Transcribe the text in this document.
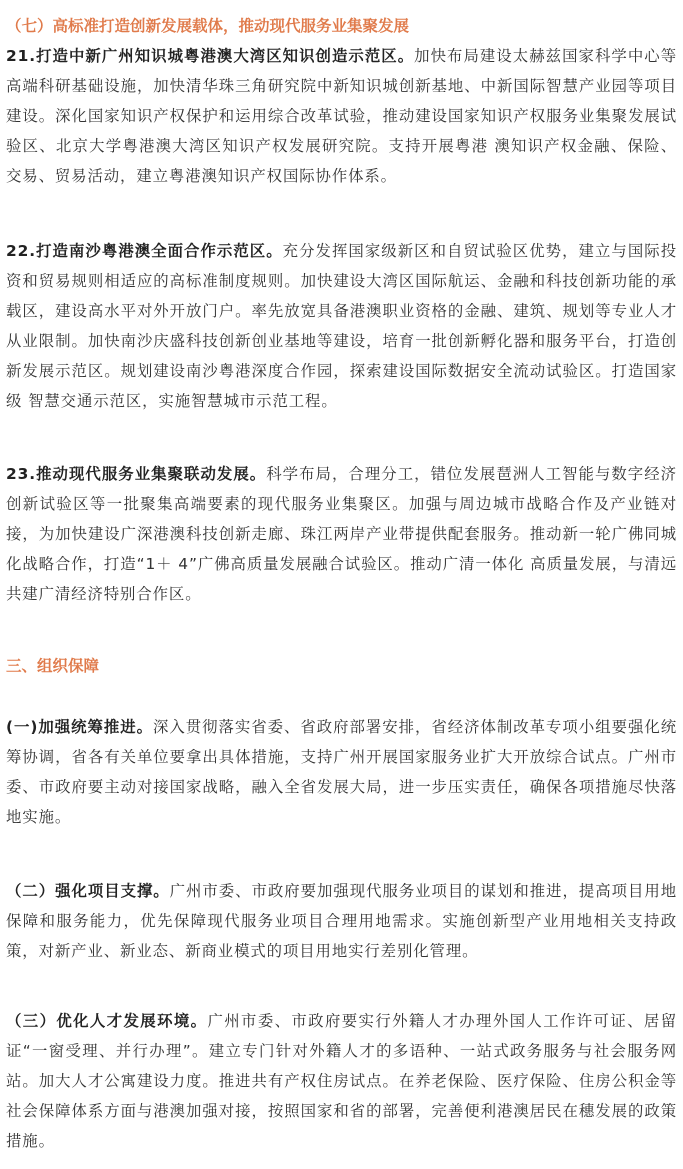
（七）高标准打造创新发展载体，推动现代服务业集聚发展

21.打造中新广州知识城粤港澳大湾区知识创造示范区。加快布局建设太赫兹国家科学中心等高端科研基础设施，加快清华珠三角研究院中新知识城创新基地、中新国际智慧产业园等项目建设。深化国家知识产权保护和运用综合改革试验，推动建设国家知识产权服务业集聚发展试验区、北京大学粤港澳大湾区知识产权发展研究院。支持开展粤港 澳知识产权金融、保险、交易、贸易活动，建立粤港澳知识产权国际协作体系。

22.打造南沙粤港澳全面合作示范区。充分发挥国家级新区和自贸试验区优势，建立与国际投资和贸易规则相适应的高标准制度规则。加快建设大湾区国际航运、金融和科技创新功能的承载区，建设高水平对外开放门户。率先放宽具备港澳职业资格的金融、建筑、规划等专业人才从业限制。加快南沙庆盛科技创新创业基地等建设，培育一批创新孵化器和服务平台，打造创新发展示范区。规划建设南沙粤港深度合作园，探索建设国际数据安全流动试验区。打造国家级 智慧交通示范区，实施智慧城市示范工程。

23.推动现代服务业集聚联动发展。科学布局，合理分工，错位发展琶洲人工智能与数字经济创新试验区等一批聚集高端要素的现代服务业集聚区。加强与周边城市战略合作及产业链对接，为加快建设广深港澳科技创新走廊、珠江两岸产业带提供配套服务。推动新一轮广佛同城化战略合作，打造“1＋ 4”广佛高质量发展融合试验区。推动广清一体化 高质量发展，与清远共建广清经济特别合作区。

三、组织保障

(一)加强统筹推进。深入贯彻落实省委、省政府部署安排，省经济体制改革专项小组要强化统筹协调，省各有关单位要拿出具体措施，支持广州开展国家服务业扩大开放综合试点。广州市委、市政府要主动对接国家战略，融入全省发展大局，进一步压实责任，确保各项措施尽快落地实施。

（二）强化项目支撑。广州市委、市政府要加强现代服务业项目的谋划和推进，提高项目用地保障和服务能力，优先保障现代服务业项目合理用地需求。实施创新型产业用地相关支持政策，对新产业、新业态、新商业模式的项目用地实行差别化管理。

（三）优化人才发展环境。广州市委、市政府要实行外籍人才办理外国人工作许可证、居留证“一窗受理、并行办理”。建立专门针对外籍人才的多语种、一站式政务服务与社会服务网站。加大人才公寓建设力度。推进共有产权住房试点。在养老保险、医疗保险、住房公积金等社会保障体系方面与港澳加强对接，按照国家和省的部署，完善便利港澳居民在穗发展的政策措施。
